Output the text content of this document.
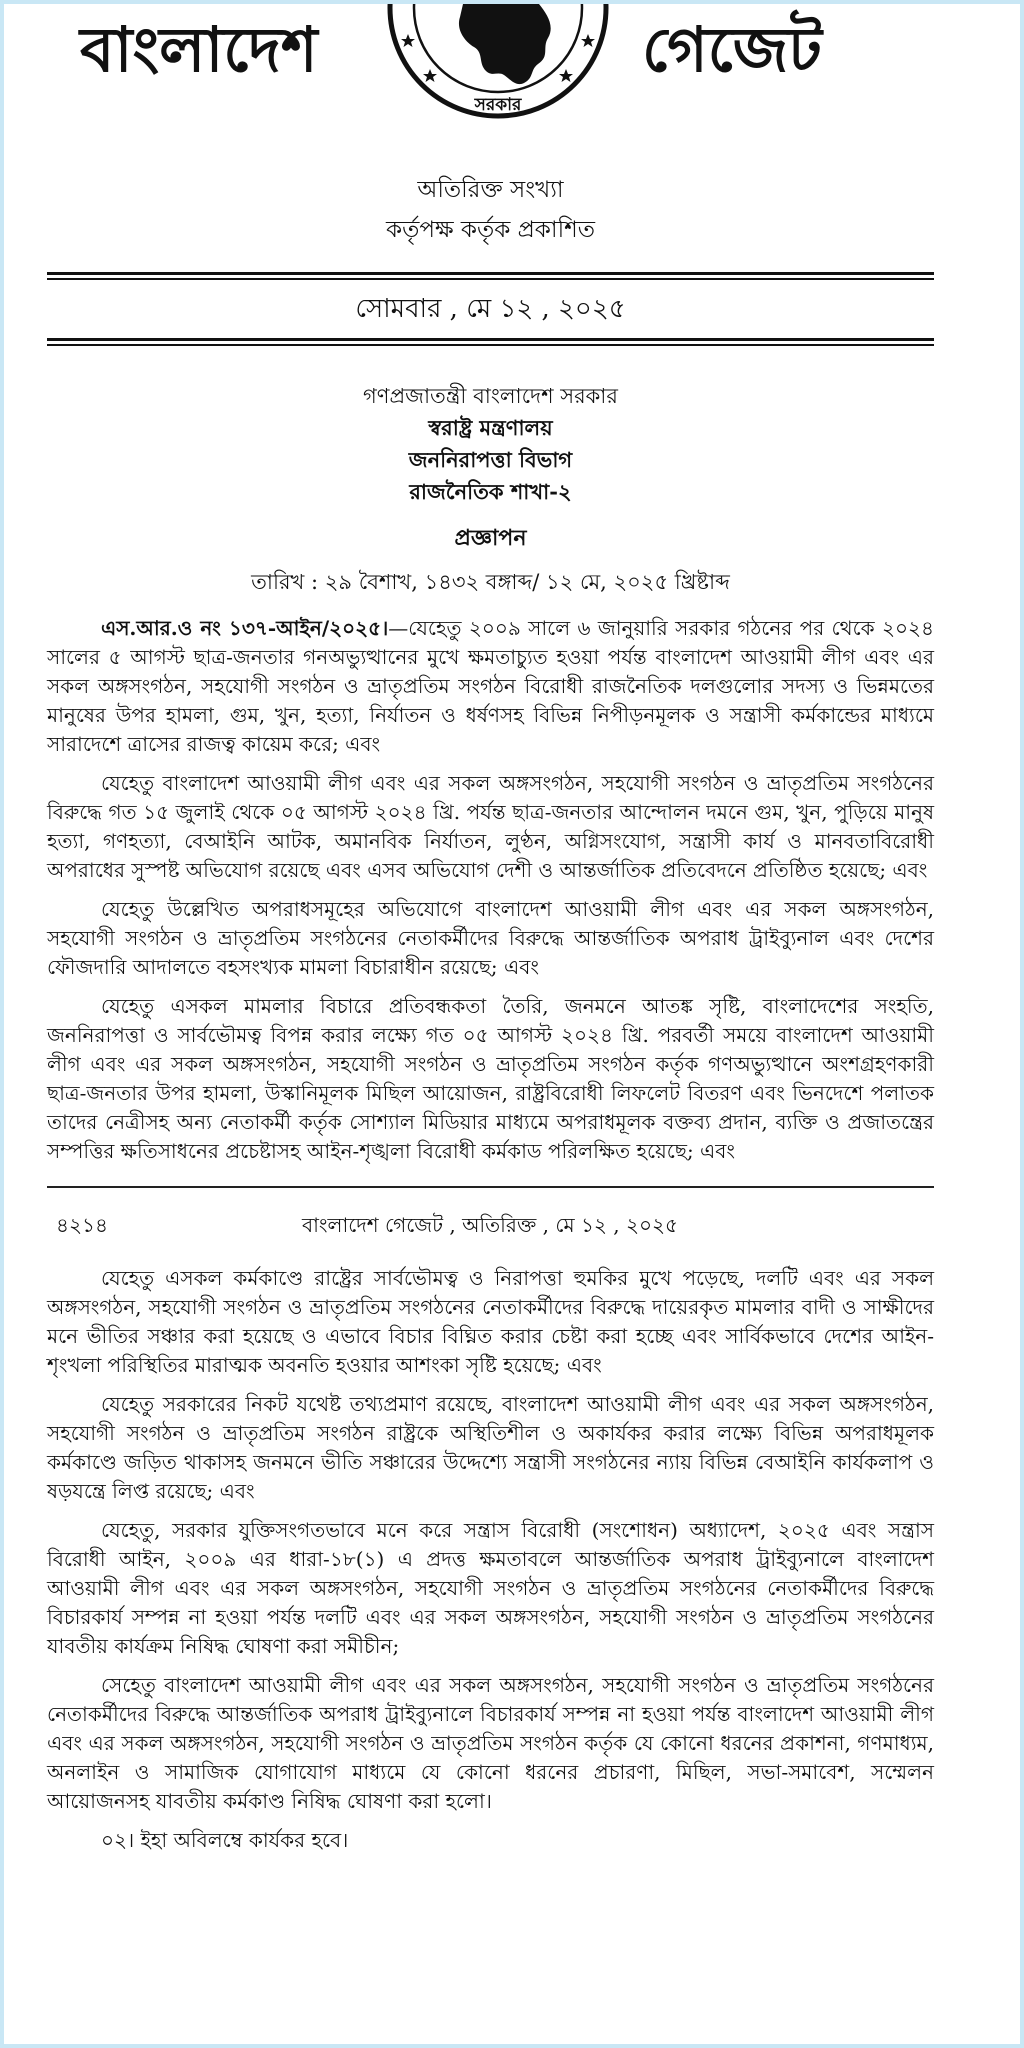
বাংলাদেশ
সরকার
গেজেট
অতিরিক্ত সংখ্যা
কর্তৃপক্ষ কর্তৃক প্রকাশিত
সোমবার , মে ১২ , ২০২৫
গণপ্রজাতন্ত্রী বাংলাদেশ সরকার
স্বরাষ্ট্র মন্ত্রণালয়
জননিরাপত্তা বিভাগ
রাজনৈতিক শাখা-২
প্রজ্ঞাপন
তারিখ : ২৯ বৈশাখ, ১৪৩২ বঙ্গাব্দ/ ১২ মে, ২০২৫ খ্রিষ্টাব্দ

এস.আর.ও নং ১৩৭-আইন/২০২৫।—যেহেতু ২০০৯ সালে ৬ জানুয়ারি সরকার গঠনের পর থেকে ২০২৪ সালের ৫ আগস্ট ছাত্র-জনতার গনঅভ্যুত্থানের মুখে ক্ষমতাচ্যুত হওয়া পর্যন্ত বাংলাদেশ আওয়ামী লীগ এবং এর সকল অঙ্গসংগঠন, সহযোগী সংগঠন ও ভ্রাতৃপ্রতিম সংগঠন বিরোধী রাজনৈতিক দলগুলোর সদস্য ও ভিন্নমতের মানুষের উপর হামলা, গুম, খুন, হত্যা, নির্যাতন ও ধর্ষণসহ বিভিন্ন নিপীড়নমূলক ও সন্ত্রাসী কর্মকান্ডের মাধ্যমে সারাদেশে ত্রাসের রাজত্ব কায়েম করে; এবং

যেহেতু বাংলাদেশ আওয়ামী লীগ এবং এর সকল অঙ্গসংগঠন, সহযোগী সংগঠন ও ভ্রাতৃপ্রতিম সংগঠনের বিরুদ্ধে গত ১৫ জুলাই থেকে ০৫ আগস্ট ২০২৪ খ্রি. পর্যন্ত ছাত্র-জনতার আন্দোলন দমনে গুম, খুন, পুড়িয়ে মানুষ হত্যা, গণহত্যা, বেআইনি আটক, অমানবিক নির্যাতন, লুণ্ঠন, অগ্নিসংযোগ, সন্ত্রাসী কার্য ও মানবতাবিরোধী অপরাধের সুস্পষ্ট অভিযোগ রয়েছে এবং এসব অভিযোগ দেশী ও আন্তর্জাতিক প্রতিবেদনে প্রতিষ্ঠিত হয়েছে; এবং

যেহেতু উল্লেখিত অপরাধসমূহের অভিযোগে বাংলাদেশ আওয়ামী লীগ এবং এর সকল অঙ্গসংগঠন, সহযোগী সংগঠন ও ভ্রাতৃপ্রতিম সংগঠনের নেতাকর্মীদের বিরুদ্ধে আন্তর্জাতিক অপরাধ ট্রাইব্যুনাল এবং দেশের ফৌজদারি আদালতে বহসংখ্যক মামলা বিচারাধীন রয়েছে; এবং

যেহেতু এসকল মামলার বিচারে প্রতিবন্ধকতা তৈরি, জনমনে আতঙ্ক সৃষ্টি, বাংলাদেশের সংহতি, জননিরাপত্তা ও সার্বভৌমত্ব বিপন্ন করার লক্ষ্যে গত ০৫ আগস্ট ২০২৪ খ্রি. পরবর্তী সময়ে বাংলাদেশ আওয়ামী লীগ এবং এর সকল অঙ্গসংগঠন, সহযোগী সংগঠন ও ভ্রাতৃপ্রতিম সংগঠন কর্তৃক গণঅভ্যুত্থানে অংশগ্রহণকারী ছাত্র-জনতার উপর হামলা, উস্কানিমূলক মিছিল আয়োজন, রাষ্ট্রবিরোধী লিফলেট বিতরণ এবং ভিনদেশে পলাতক তাদের নেত্রীসহ অন্য নেতাকর্মী কর্তৃক সোশ্যাল মিডিয়ার মাধ্যমে অপরাধমূলক বক্তব্য প্রদান, ব্যক্তি ও প্রজাতন্ত্রের সম্পত্তির ক্ষতিসাধনের প্রচেষ্টাসহ আইন-শৃঙ্খলা বিরোধী কর্মকাড পরিলক্ষিত হয়েছে; এবং

৪২১৪	বাংলাদেশ গেজেট , অতিরিক্ত , মে ১২ , ২০২৫

যেহেতু এসকল কর্মকাণ্ডে রাষ্ট্রের সার্বভৌমত্ব ও নিরাপত্তা হুমকির মুখে পড়েছে, দলটি এবং এর সকল অঙ্গসংগঠন, সহযোগী সংগঠন ও ভ্রাতৃপ্রতিম সংগঠনের নেতাকর্মীদের বিরুদ্ধে দায়েরকৃত মামলার বাদী ও সাক্ষীদের মনে ভীতির সঞ্চার করা হয়েছে ও এভাবে বিচার বিঘ্নিত করার চেষ্টা করা হচ্ছে এবং সার্বিকভাবে দেশের আইন-শৃংখলা পরিস্থিতির মারাত্মক অবনতি হওয়ার আশংকা সৃষ্টি হয়েছে; এবং

যেহেতু সরকারের নিকট যথেষ্ট তথ্যপ্রমাণ রয়েছে, বাংলাদেশ আওয়ামী লীগ এবং এর সকল অঙ্গসংগঠন, সহযোগী সংগঠন ও ভ্রাতৃপ্রতিম সংগঠন রাষ্ট্রকে অস্থিতিশীল ও অকার্যকর করার লক্ষ্যে বিভিন্ন অপরাধমূলক কর্মকাণ্ডে জড়িত থাকাসহ জনমনে ভীতি সঞ্চারের উদ্দেশ্যে সন্ত্রাসী সংগঠনের ন্যায় বিভিন্ন বেআইনি কার্যকলাপ ও ষড়যন্ত্রে লিপ্ত রয়েছে; এবং

যেহেতু, সরকার যুক্তিসংগতভাবে মনে করে সন্ত্রাস বিরোধী (সংশোধন) অধ্যাদেশ, ২০২৫ এবং সন্ত্রাস বিরোধী আইন, ২০০৯ এর ধারা-১৮(১) এ প্রদত্ত ক্ষমতাবলে আন্তর্জাতিক অপরাধ ট্রাইব্যুনালে বাংলাদেশ আওয়ামী লীগ এবং এর সকল অঙ্গসংগঠন, সহযোগী সংগঠন ও ভ্রাতৃপ্রতিম সংগঠনের নেতাকর্মীদের বিরুদ্ধে বিচারকার্য সম্পন্ন না হওয়া পর্যন্ত দলটি এবং এর সকল অঙ্গসংগঠন, সহযোগী সংগঠন ও ভ্রাতৃপ্রতিম সংগঠনের যাবতীয় কার্যক্রম নিষিদ্ধ ঘোষণা করা সমীচীন;

সেহেতু বাংলাদেশ আওয়ামী লীগ এবং এর সকল অঙ্গসংগঠন, সহযোগী সংগঠন ও ভ্রাতৃপ্রতিম সংগঠনের নেতাকর্মীদের বিরুদ্ধে আন্তর্জাতিক অপরাধ ট্রাইব্যুনালে বিচারকার্য সম্পন্ন না হওয়া পর্যন্ত বাংলাদেশ আওয়ামী লীগ এবং এর সকল অঙ্গসংগঠন, সহযোগী সংগঠন ও ভ্রাতৃপ্রতিম সংগঠন কর্তৃক যে কোনো ধরনের প্রকাশনা, গণমাধ্যম, অনলাইন ও সামাজিক যোগাযোগ মাধ্যমে যে কোনো ধরনের প্রচারণা, মিছিল, সভা-সমাবেশ, সম্মেলন আয়োজনসহ যাবতীয় কর্মকাণ্ড নিষিদ্ধ ঘোষণা করা হলো।

০২। ইহা অবিলম্বে কার্যকর হবে।
